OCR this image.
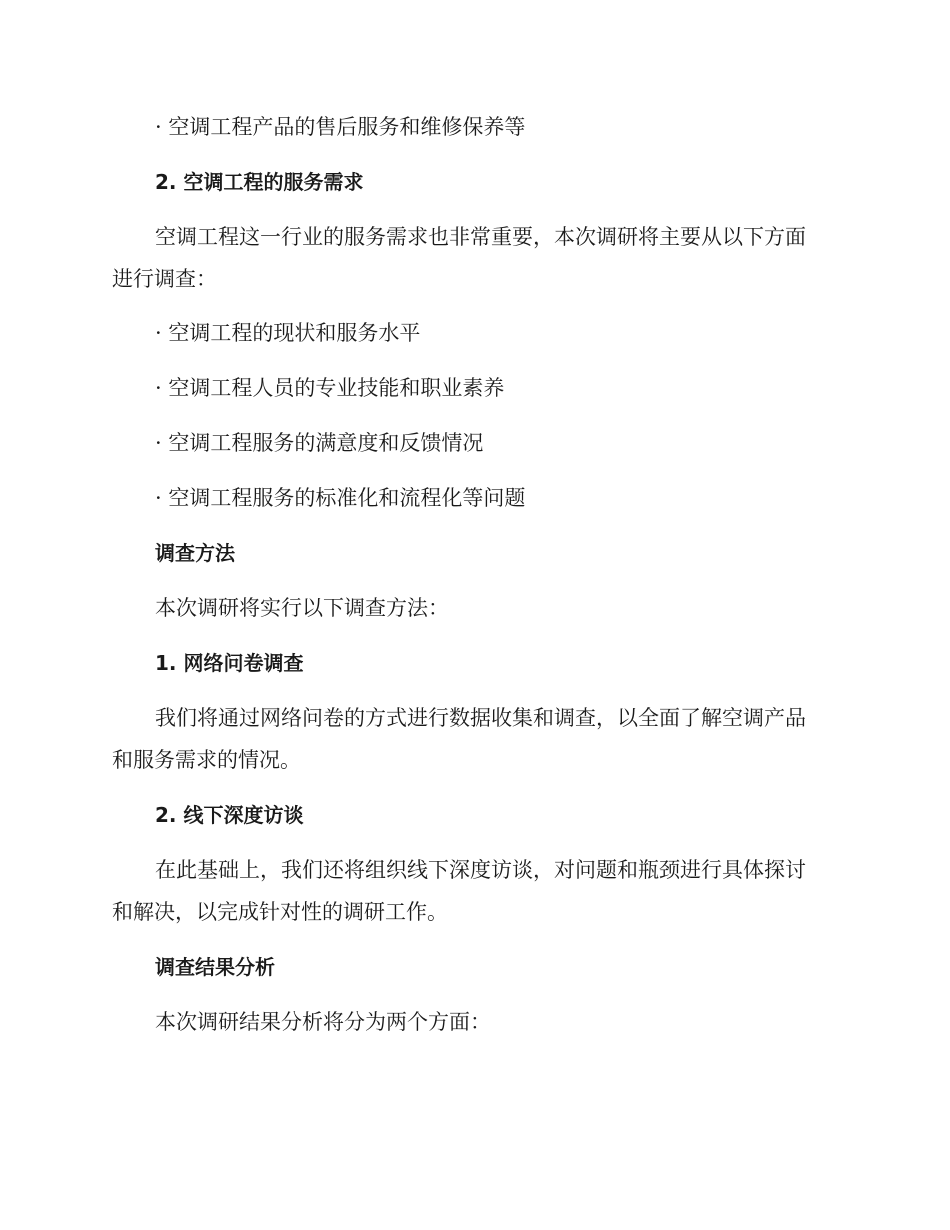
· 空调工程产品的售后服务和维修保养等
2. 空调工程的服务需求
空调工程这一行业的服务需求也非常重要，本次调研将主要从以下方面
进行调查：
· 空调工程的现状和服务水平
· 空调工程人员的专业技能和职业素养
· 空调工程服务的满意度和反馈情况
· 空调工程服务的标准化和流程化等问题
调查方法
本次调研将实行以下调查方法：
1. 网络问卷调查
我们将通过网络问卷的方式进行数据收集和调查，以全面了解空调产品
和服务需求的情况。
2. 线下深度访谈
在此基础上，我们还将组织线下深度访谈，对问题和瓶颈进行具体探讨
和解决，以完成针对性的调研工作。
调查结果分析
本次调研结果分析将分为两个方面：
